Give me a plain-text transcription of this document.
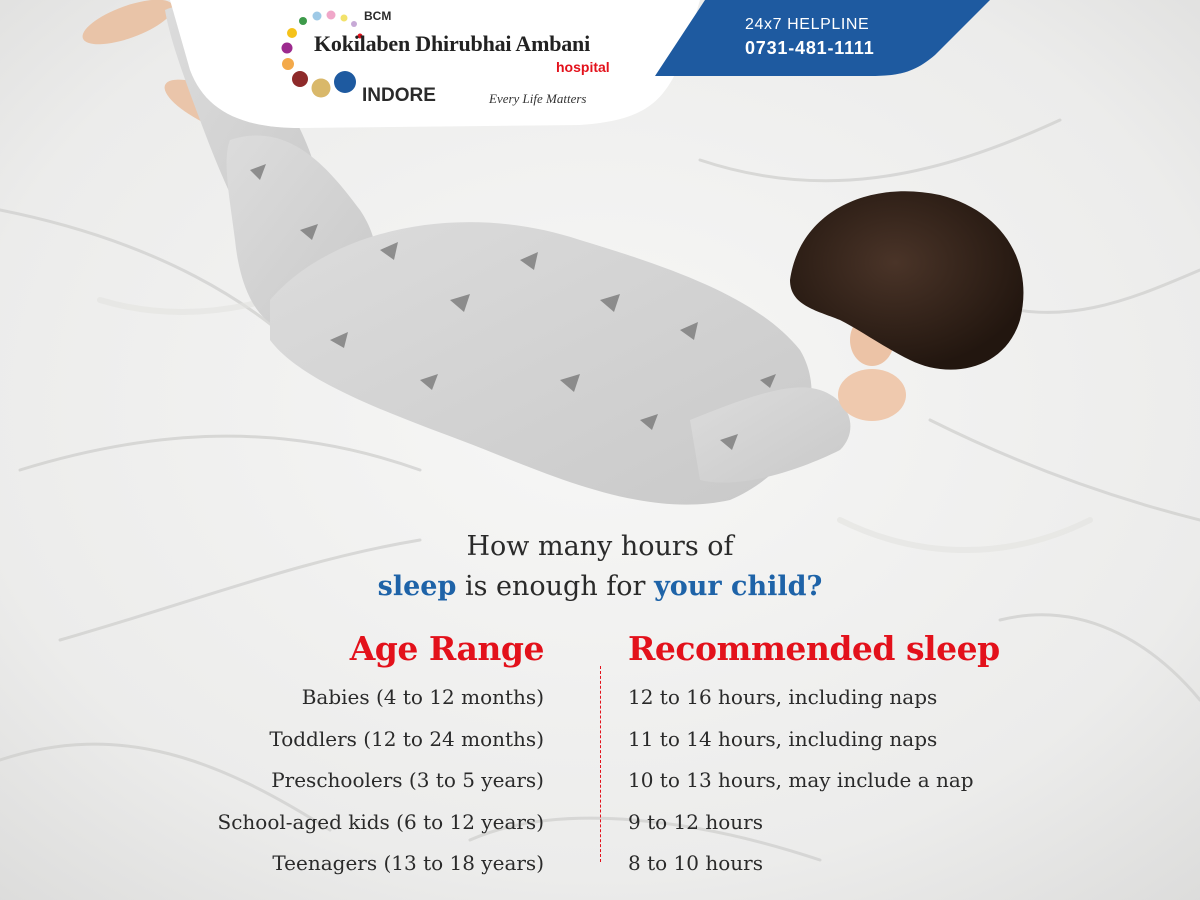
BCM
Kokilaben Dhirubhai Ambani
hospital
INDORE	Every Life Matters
24x7 HELPLINE
0731-481-1111
How many hours of
sleep is enough for your child?
Age Range
Babies (4 to 12 months)
Toddlers (12 to 24 months)
Preschoolers (3 to 5 years)
School-aged kids (6 to 12 years)
Teenagers (13 to 18 years)
Recommended sleep
12 to 16 hours, including naps
11 to 14 hours, including naps
10 to 13 hours, may include a nap
9 to 12 hours
8 to 10 hours
